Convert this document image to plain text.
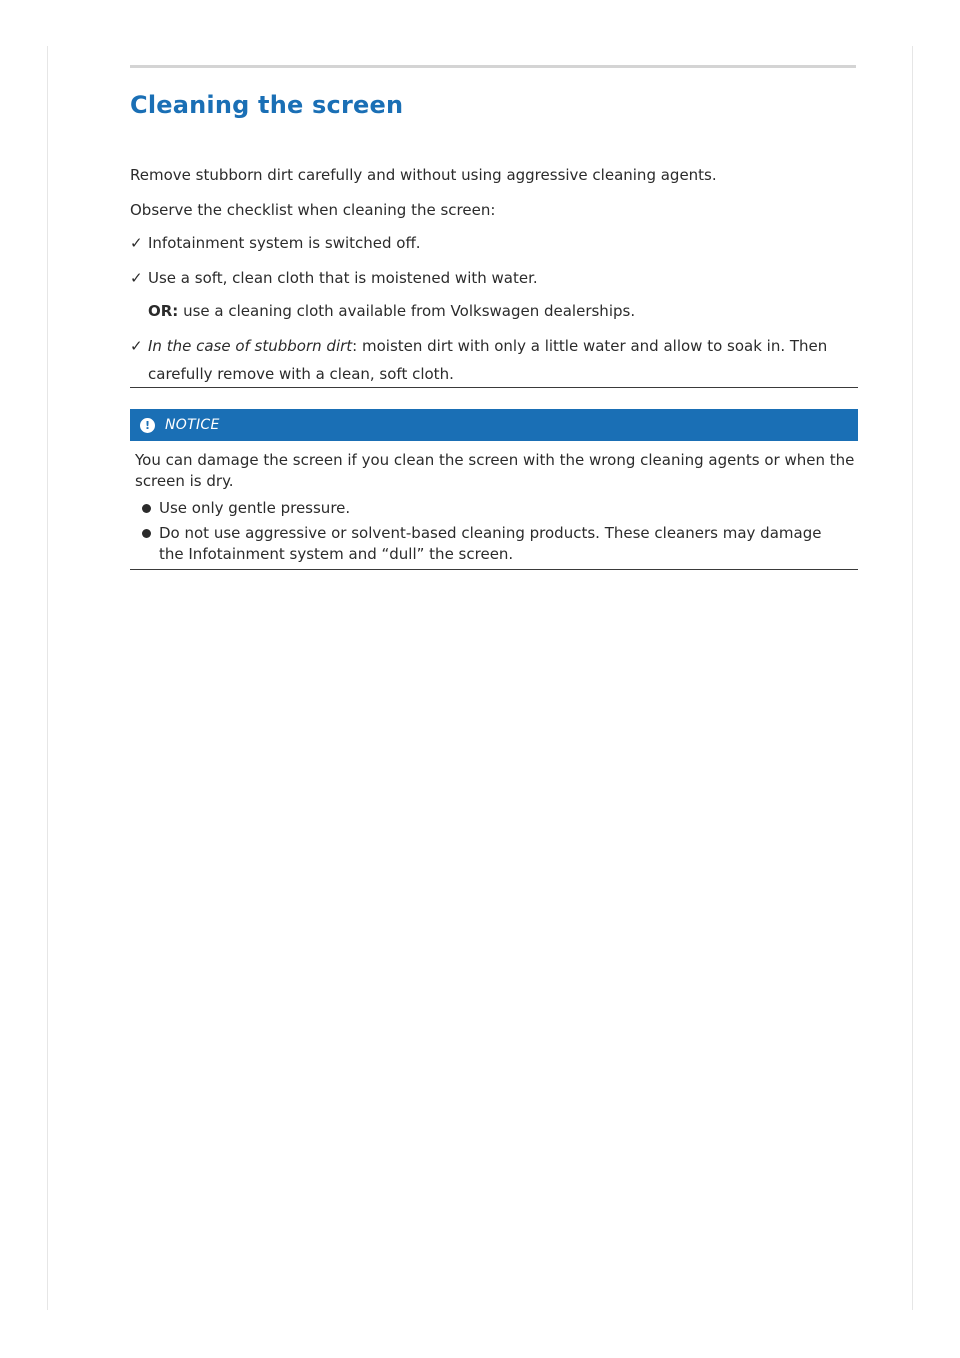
Cleaning the screen

Remove stubborn dirt carefully and without using aggressive cleaning agents.

Observe the checklist when cleaning the screen:

✓ Infotainment system is switched off.
✓ Use a soft, clean cloth that is moistened with water.
OR: use a cleaning cloth available from Volkswagen dealerships.
✓ In the case of stubborn dirt: moisten dirt with only a little water and allow to soak in. Then
carefully remove with a clean, soft cloth.
!	NOTICE

You can damage the screen if you clean the screen with the wrong cleaning agents or when the screen is dry.

Use only gentle pressure.
Do not use aggressive or solvent-based cleaning products. These cleaners may damage the Infotainment system and “dull” the screen.
